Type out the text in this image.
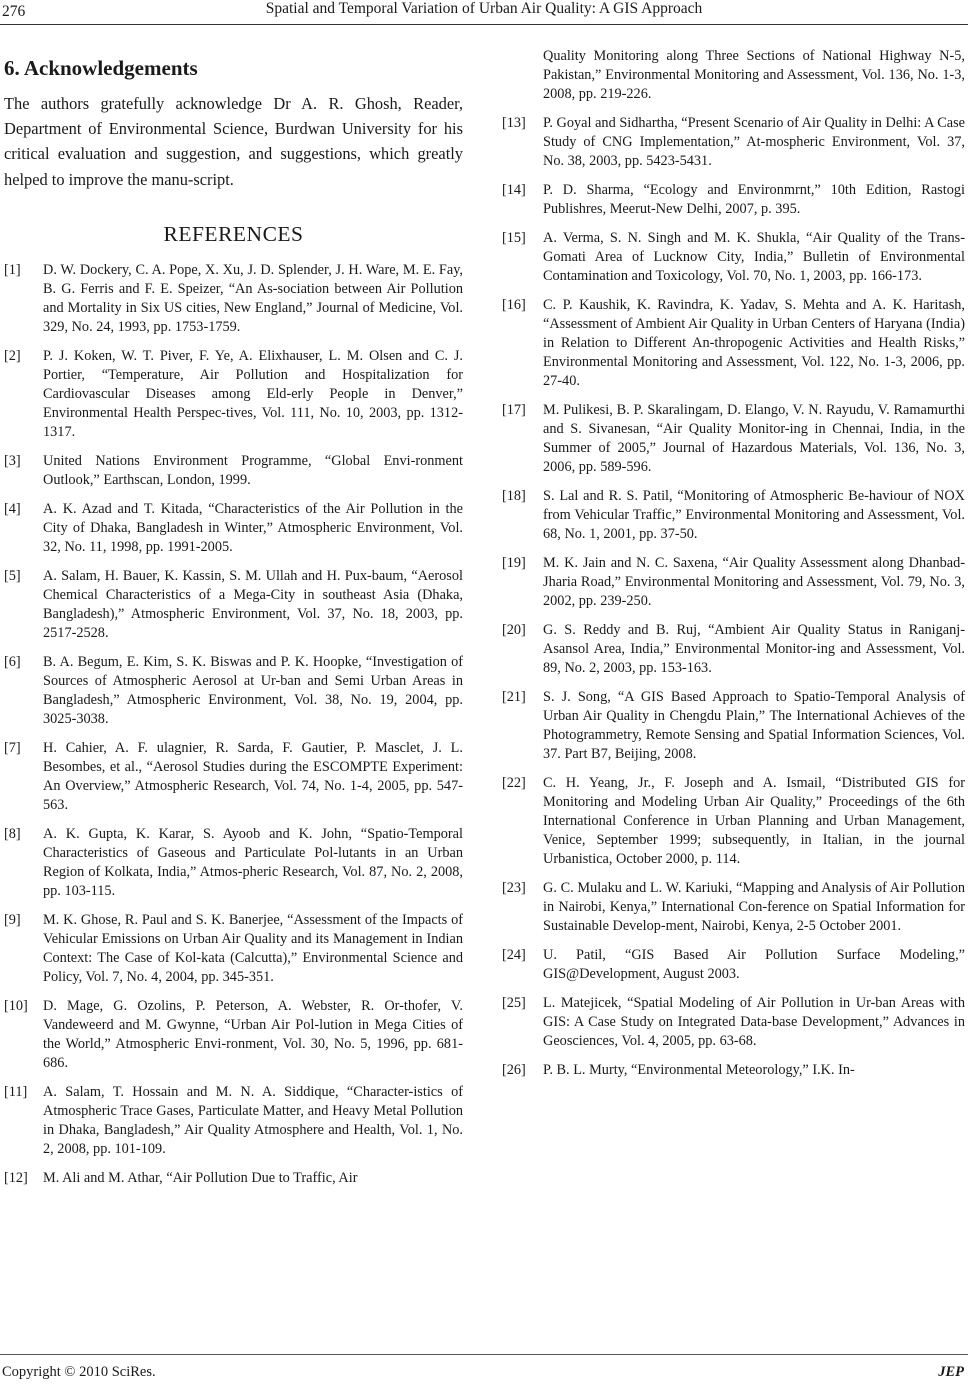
276	Spatial and Temporal Variation of Urban Air Quality: A GIS Approach
6. Acknowledgements

The authors gratefully acknowledge Dr A. R. Ghosh, Reader, Department of Environmental Science, Burdwan University for his critical evaluation and suggestion, and suggestions, which greatly helped to improve the manu-script.

REFERENCES
[1] D. W. Dockery, C. A. Pope, X. Xu, J. D. Splender, J. H. Ware, M. E. Fay, B. G. Ferris and F. E. Speizer, “An As-sociation between Air Pollution and Mortality in Six US cities, New England,” Journal of Medicine, Vol. 329, No. 24, 1993, pp. 1753-1759.
[2] P. J. Koken, W. T. Piver, F. Ye, A. Elixhauser, L. M. Olsen and C. J. Portier, “Temperature, Air Pollution and Hospitalization for Cardiovascular Diseases among Eld-erly People in Denver,” Environmental Health Perspec-tives, Vol. 111, No. 10, 2003, pp. 1312-1317.
[3] United Nations Environment Programme, “Global Envi-ronment Outlook,” Earthscan, London, 1999.
[4] A. K. Azad and T. Kitada, “Characteristics of the Air Pollution in the City of Dhaka, Bangladesh in Winter,” Atmospheric Environment, Vol. 32, No. 11, 1998, pp. 1991-2005.
[5] A. Salam, H. Bauer, K. Kassin, S. M. Ullah and H. Pux-baum, “Aerosol Chemical Characteristics of a Mega-City in southeast Asia (Dhaka, Bangladesh),” Atmospheric Environment, Vol. 37, No. 18, 2003, pp. 2517-2528.
[6] B. A. Begum, E. Kim, S. K. Biswas and P. K. Hoopke, “Investigation of Sources of Atmospheric Aerosol at Ur-ban and Semi Urban Areas in Bangladesh,” Atmospheric Environment, Vol. 38, No. 19, 2004, pp. 3025-3038.
[7] H. Cahier, A. F. ulagnier, R. Sarda, F. Gautier, P. Masclet, J. L. Besombes, et al., “Aerosol Studies during the ESCOMPTE Experiment: An Overview,” Atmospheric Research, Vol. 74, No. 1-4, 2005, pp. 547-563.
[8] A. K. Gupta, K. Karar, S. Ayoob and K. John, “Spatio-Temporal Characteristics of Gaseous and Particulate Pol-lutants in an Urban Region of Kolkata, India,” Atmos-pheric Research, Vol. 87, No. 2, 2008, pp. 103-115.
[9] M. K. Ghose, R. Paul and S. K. Banerjee, “Assessment of the Impacts of Vehicular Emissions on Urban Air Quality and its Management in Indian Context: The Case of Kol-kata (Calcutta),” Environmental Science and Policy, Vol. 7, No. 4, 2004, pp. 345-351.
[10] D. Mage, G. Ozolins, P. Peterson, A. Webster, R. Or-thofer, V. Vandeweerd and M. Gwynne, “Urban Air Pol-lution in Mega Cities of the World,” Atmospheric Envi-ronment, Vol. 30, No. 5, 1996, pp. 681-686.
[11] A. Salam, T. Hossain and M. N. A. Siddique, “Character-istics of Atmospheric Trace Gases, Particulate Matter, and Heavy Metal Pollution in Dhaka, Bangladesh,” Air Quality Atmosphere and Health, Vol. 1, No. 2, 2008, pp. 101-109.
[12] M. Ali and M. Athar, “Air Pollution Due to Traffic, Air
Quality Monitoring along Three Sections of National Highway N-5, Pakistan,” Environmental Monitoring and Assessment, Vol. 136, No. 1-3, 2008, pp. 219-226.
[13] P. Goyal and Sidhartha, “Present Scenario of Air Quality in Delhi: A Case Study of CNG Implementation,” At-mospheric Environment, Vol. 37, No. 38, 2003, pp. 5423-5431.
[14] P. D. Sharma, “Ecology and Environmrnt,” 10th Edition, Rastogi Publishres, Meerut-New Delhi, 2007, p. 395.
[15] A. Verma, S. N. Singh and M. K. Shukla, “Air Quality of the Trans-Gomati Area of Lucknow City, India,” Bulletin of Environmental Contamination and Toxicology, Vol. 70, No. 1, 2003, pp. 166-173.
[16] C. P. Kaushik, K. Ravindra, K. Yadav, S. Mehta and A. K. Haritash, “Assessment of Ambient Air Quality in Urban Centers of Haryana (India) in Relation to Different An-thropogenic Activities and Health Risks,” Environmental Monitoring and Assessment, Vol. 122, No. 1-3, 2006, pp. 27-40.
[17] M. Pulikesi, B. P. Skaralingam, D. Elango, V. N. Rayudu, V. Ramamurthi and S. Sivanesan, “Air Quality Monitor-ing in Chennai, India, in the Summer of 2005,” Journal of Hazardous Materials, Vol. 136, No. 3, 2006, pp. 589-596.
[18] S. Lal and R. S. Patil, “Monitoring of Atmospheric Be-haviour of NOX from Vehicular Traffic,” Environmental Monitoring and Assessment, Vol. 68, No. 1, 2001, pp. 37-50.
[19] M. K. Jain and N. C. Saxena, “Air Quality Assessment along Dhanbad-Jharia Road,” Environmental Monitoring and Assessment, Vol. 79, No. 3, 2002, pp. 239-250.
[20] G. S. Reddy and B. Ruj, “Ambient Air Quality Status in Raniganj-Asansol Area, India,” Environmental Monitor-ing and Assessment, Vol. 89, No. 2, 2003, pp. 153-163.
[21] S. J. Song, “A GIS Based Approach to Spatio-Temporal Analysis of Urban Air Quality in Chengdu Plain,” The International Achieves of the Photogrammetry, Remote Sensing and Spatial Information Sciences, Vol. 37. Part B7, Beijing, 2008.
[22] C. H. Yeang, Jr., F. Joseph and A. Ismail, “Distributed GIS for Monitoring and Modeling Urban Air Quality,” Proceedings of the 6th International Conference in Urban Planning and Urban Management, Venice, September 1999; subsequently, in Italian, in the journal Urbanistica, October 2000, p. 114.
[23] G. C. Mulaku and L. W. Kariuki, “Mapping and Analysis of Air Pollution in Nairobi, Kenya,” International Con-ference on Spatial Information for Sustainable Develop-ment, Nairobi, Kenya, 2-5 October 2001.
[24] U. Patil, “GIS Based Air Pollution Surface Modeling,” GIS@Development, August 2003.
[25] L. Matejicek, “Spatial Modeling of Air Pollution in Ur-ban Areas with GIS: A Case Study on Integrated Data-base Development,” Advances in Geosciences, Vol. 4, 2005, pp. 63-68.
[26] P. B. L. Murty, “Environmental Meteorology,” I.K. In-
Copyright © 2010 SciRes.	JEP
